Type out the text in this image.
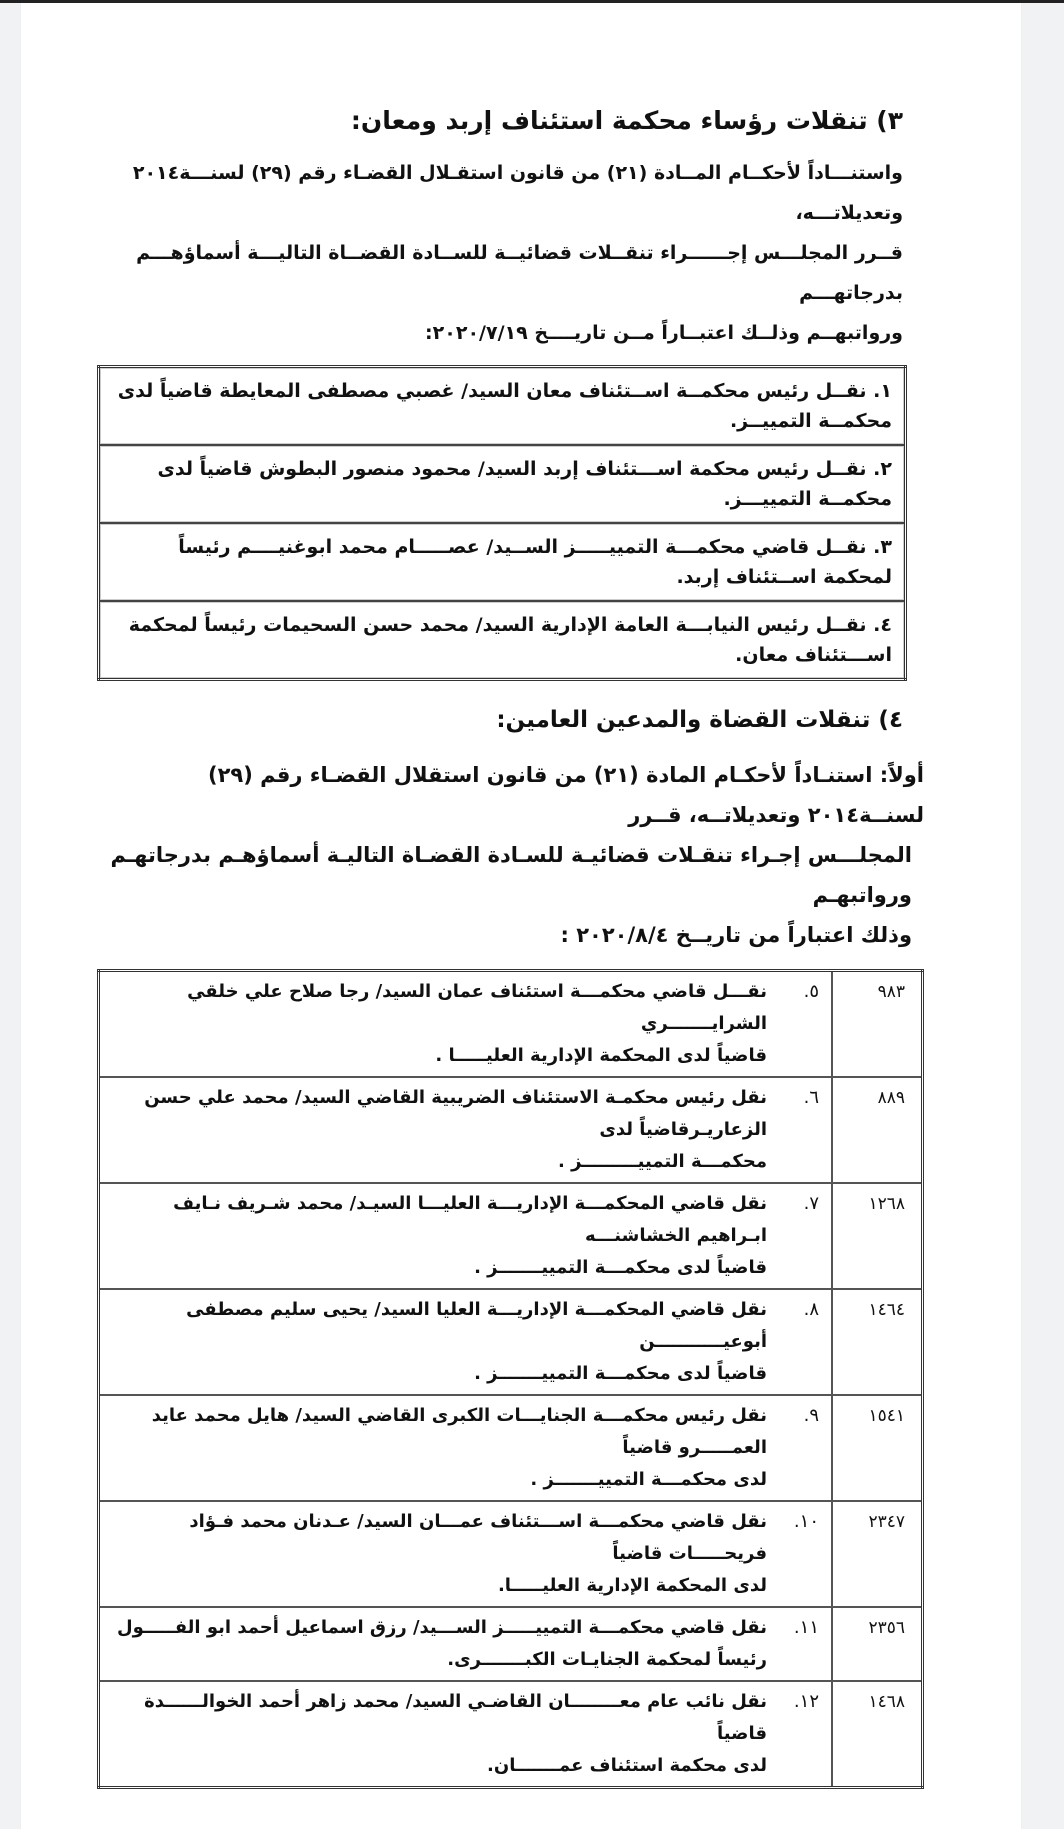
٣) تنقلات رؤساء محكمة استئناف إربد ومعان:
واستنـــاداً لأحكــام المــادة (٢١) من قانون استقـلال القضـاء رقم (٢٩) لسنـــة٢٠١٤ وتعديلاتـــه،
قــرر المجلـــس إجــــــراء تنقــلات قضائيــة للســادة القضــاة التاليـــة أسماؤهـــم بدرجاتهـــم
ورواتبهــم وذلــك اعتبــاراً مــن تاريــــخ ٢٠٢٠/٧/١٩:
١. نقــل رئيس محكمــة اســتئناف معان السيد/ غصبي مصطفى المعايطة قاضياً لدى محكمــة التمييــز.
٢. نقــل رئيس محكمة اســـتئناف إربد السيد/ محمود منصور البطوش قاضياً لدى محكمــة التمييـــز.
٣. نقــل قاضي محكمـــة التمييـــــز الســيد/ عصـــــام محمد ابوغنيــــم رئيساً لمحكمة اســتئناف إربد.
٤. نقــل رئيس النيابـــة العامة الإدارية السيد/ محمد حسن السحيمات رئيساً لمحكمة اســـتئناف معان.
٤) تنقلات القضاة والمدعين العامين:
أولاً: استنـاداً لأحكـام المادة (٢١) من قانون استقلال القضـاء رقم (٢٩) لسنــة٢٠١٤ وتعديلاتــه، قــرر
المجلـــس إجـراء تنقـلات قضائيـة للسـادة القضـاة التاليـة أسماؤهـم بدرجاتهـم ورواتبهـم
وذلك اعتباراً من تاريــخ ٢٠٢٠/٨/٤ :
٩٨٣	٥.
نقـــل قاضي محكمـــة استئناف عمان السيد/ رجا صلاح علي خلقي الشرايـــــــري
قاضياً لدى المحكمة الإدارية العليـــــا .

٨٨٩	٦.
نقل رئيس محكمـة الاستئناف الضريبية القاضي السيد/ محمد علي حسن الزعاريـرقاضياً لدى
محكمـــة التمييـــــــــز .

١٢٦٨	٧.
نقل قاضي المحكمـــة الإداريـــة العليـــا السيـد/ محمد شـريف نـايف ابـراهيم الخشاشنـــه
قاضياً لدى محكمـــة التمييـــــــز .

١٤٦٤	٨.
نقل قاضي المحكمـــة الإداريـــة العليا السيد/ يحيى سليم مصطفى أبوعيـــــــــــن
قاضياً لدى محكمـــة التمييـــــــز .

١٥٤١	٩.
نقل رئيس محكمـــة الجنايـــات الكبرى القاضي السيد/ هايل محمد عايد العمـــــرو قاضياً
لدى محكمـــة التمييـــــــز .

٢٣٤٧	١٠.
نقل قاضي محكمـــة اســـتئناف عمـــان السيد/ عـدنان محمد فـؤاد فريحـــــات قاضياً
لدى المحكمة الإدارية العليـــــا.

٢٣٥٦	١١.
نقل قاضي محكمـــة التمييـــــز الســـيد/ رزق اسماعيل أحمد ابو الفـــــول
رئيساً لمحكمة الجنايـات الكبـــــــرى.

١٤٦٨	١٢.
نقل نائب عام معــــــــان القاضـي السيد/ محمد زاهر أحمد الخوالــــــدة قاضياً
لدى محكمة استئناف عمـــــــان.
